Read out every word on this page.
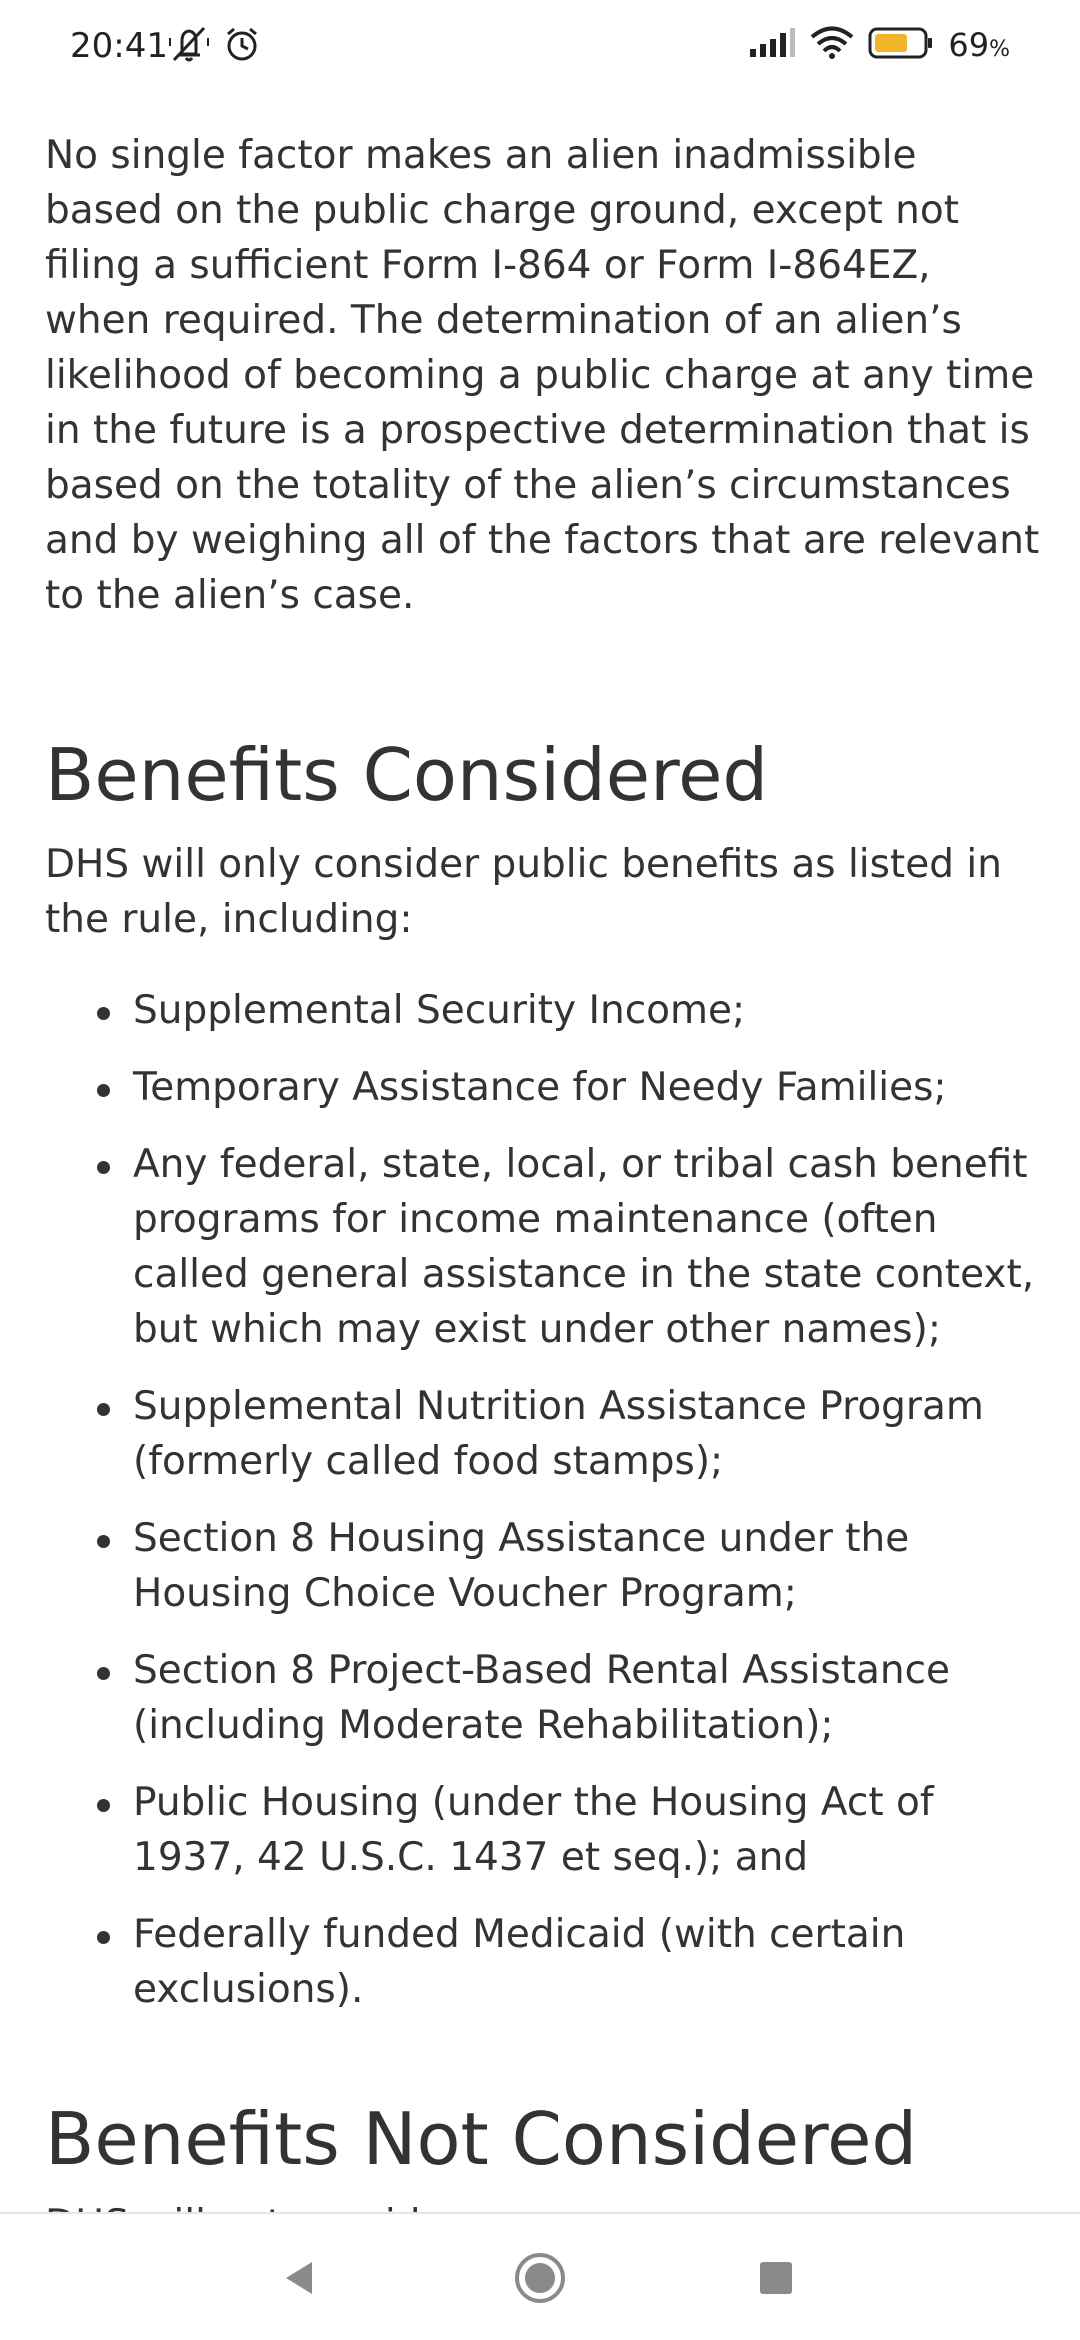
20:41	69%

No single factor makes an alien inadmissible based on the public charge ground, except not filing a sufficient Form I-864 or Form I-864EZ, when required. The determination of an alien’s likelihood of becoming a public charge at any time in the future is a prospective determination that is based on the totality of the alien’s circumstances and by weighing all of the factors that are relevant to the alien’s case.

Benefits Considered

DHS will only consider public benefits as listed in the rule, including:

Supplemental Security Income;
Temporary Assistance for Needy Families;
Any federal, state, local, or tribal cash benefit programs for income maintenance (often called general assistance in the state context, but which may exist under other names);
Supplemental Nutrition Assistance Program (formerly called food stamps);
Section 8 Housing Assistance under the Housing Choice Voucher Program;
Section 8 Project-Based Rental Assistance (including Moderate Rehabilitation);
Public Housing (under the Housing Act of 1937, 42 U.S.C. 1437 et seq.); and
Federally funded Medicaid (with certain exclusions).
Benefits Not Considered
